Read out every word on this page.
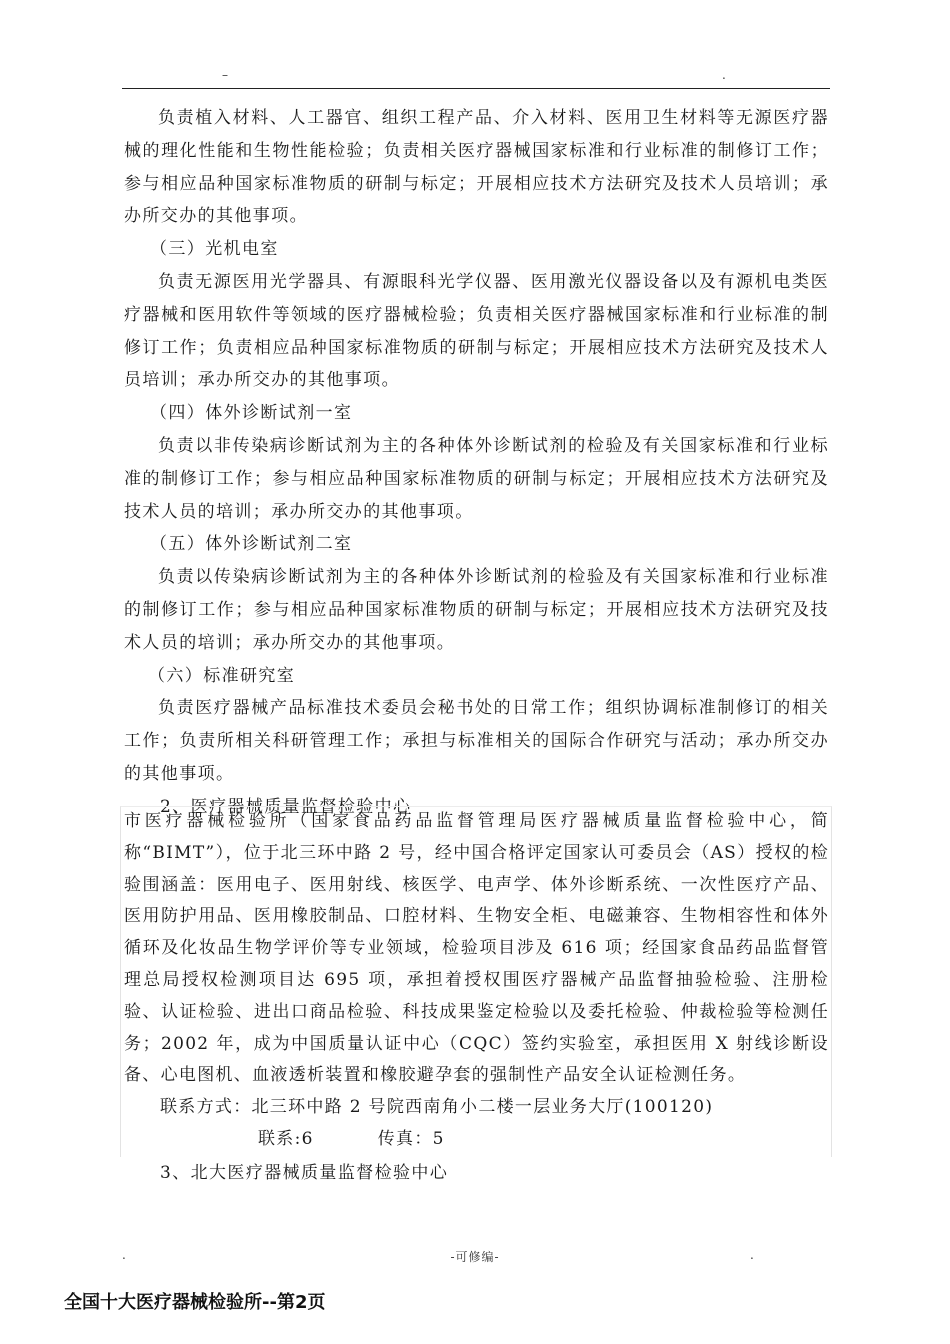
–	.

负责植入材料、人工器官、组织工程产品、介入材料、医用卫生材料等无源医疗器械的理化性能和生物性能检验；负责相关医疗器械国家标准和行业标准的制修订工作；参与相应品种国家标准物质的研制与标定；开展相应技术方法研究及技术人员培训；承办所交办的其他事项。

（三）光机电室

负责无源医用光学器具、有源眼科光学仪器、医用激光仪器设备以及有源机电类医疗器械和医用软件等领域的医疗器械检验；负责相关医疗器械国家标准和行业标准的制修订工作；负责相应品种国家标准物质的研制与标定；开展相应技术方法研究及技术人员培训；承办所交办的其他事项。

（四）体外诊断试剂一室

负责以非传染病诊断试剂为主的各种体外诊断试剂的检验及有关国家标准和行业标准的制修订工作；参与相应品种国家标准物质的研制与标定；开展相应技术方法研究及技术人员的培训；承办所交办的其他事项。

（五）体外诊断试剂二室

负责以传染病诊断试剂为主的各种体外诊断试剂的检验及有关国家标准和行业标准的制修订工作；参与相应品种国家标准物质的研制与标定；开展相应技术方法研究及技术人员的培训；承办所交办的其他事项。

（六）标准研究室

负责医疗器械产品标准技术委员会秘书处的日常工作；组织协调标准制修订的相关工作；负责所相关科研管理工作；承担与标准相关的国际合作研究与活动；承办所交办的其他事项。

2、医疗器械质量监督检验中心

市医疗器械检验所（国家食品药品监督管理局医疗器械质量监督检验中心，简称“BIMT”），位于北三环中路 2 号，经中国合格评定国家认可委员会（AS）授权的检验围涵盖：医用电子、医用射线、核医学、电声学、体外诊断系统、一次性医疗产品、医用防护用品、医用橡胶制品、口腔材料、生物安全柜、电磁兼容、生物相容性和体外循环及化妆品生物学评价等专业领域，检验项目涉及 616 项；经国家食品药品监督管理总局授权检测项目达 695 项，承担着授权围医疗器械产品监督抽验检验、注册检验、认证检验、进出口商品检验、科技成果鉴定检验以及委托检验、仲裁检验等检测任务；2002 年，成为中国质量认证中心（CQC）签约实验室，承担医用 X 射线诊断设备、心电图机、血液透析装置和橡胶避孕套的强制性产品安全认证检测任务。

联系方式：北三环中路 2 号院西南角小二楼一层业务大厅(100120)

联系:6	传真：5

3、北大医疗器械质量监督检验中心
.	-可修编-	.
全国十大医疗器械检验所--第2页
